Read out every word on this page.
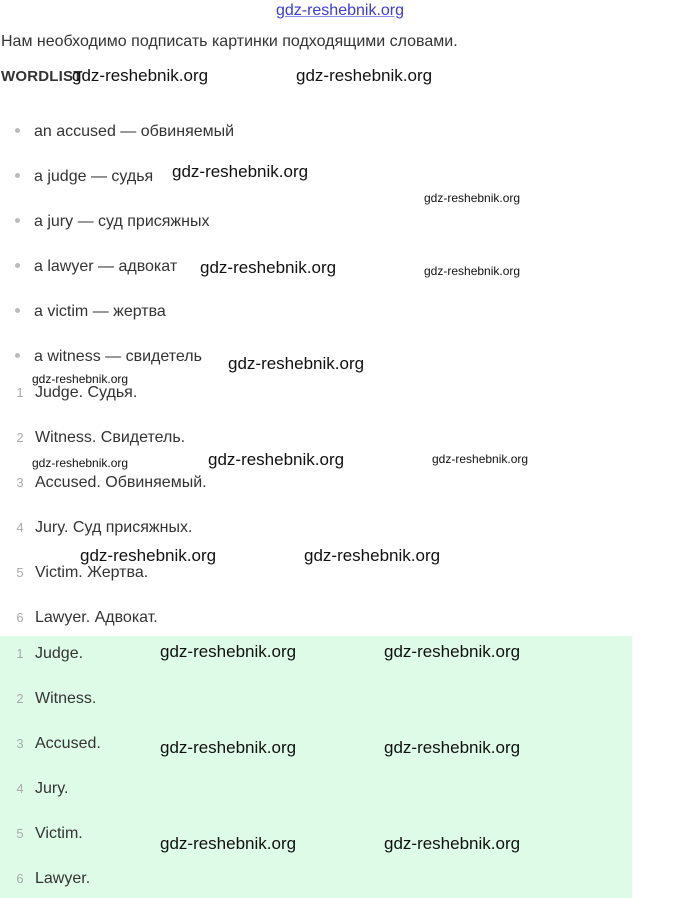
gdz-reshebnik.org
Нам необходимо подписать картинки подходящими словами.
WORDLIST
an accused — обвиняемый
a judge — судья
a jury — суд присяжных
a lawyer — адвокат
a victim — жертва
a witness — свидетель
1 Judge. Судья.
2 Witness. Свидетель.
3 Accused. Обвиняемый.
4 Jury. Суд присяжных.
5 Victim. Жертва.
6 Lawyer. Адвокат.
1 Judge.
2 Witness.
3 Accused.
4 Jury.
5 Victim.
6 Lawyer.
gdz-reshebnik.org	gdz-reshebnik.org
gdz-reshebnik.org
gdz-reshebnik.org
gdz-reshebnik.org	gdz-reshebnik.org
gdz-reshebnik.org
gdz-reshebnik.org
gdz-reshebnik.org	gdz-reshebnik.org	gdz-reshebnik.org
gdz-reshebnik.org	gdz-reshebnik.org
gdz-reshebnik.org	gdz-reshebnik.org
gdz-reshebnik.org	gdz-reshebnik.org
gdz-reshebnik.org	gdz-reshebnik.org
